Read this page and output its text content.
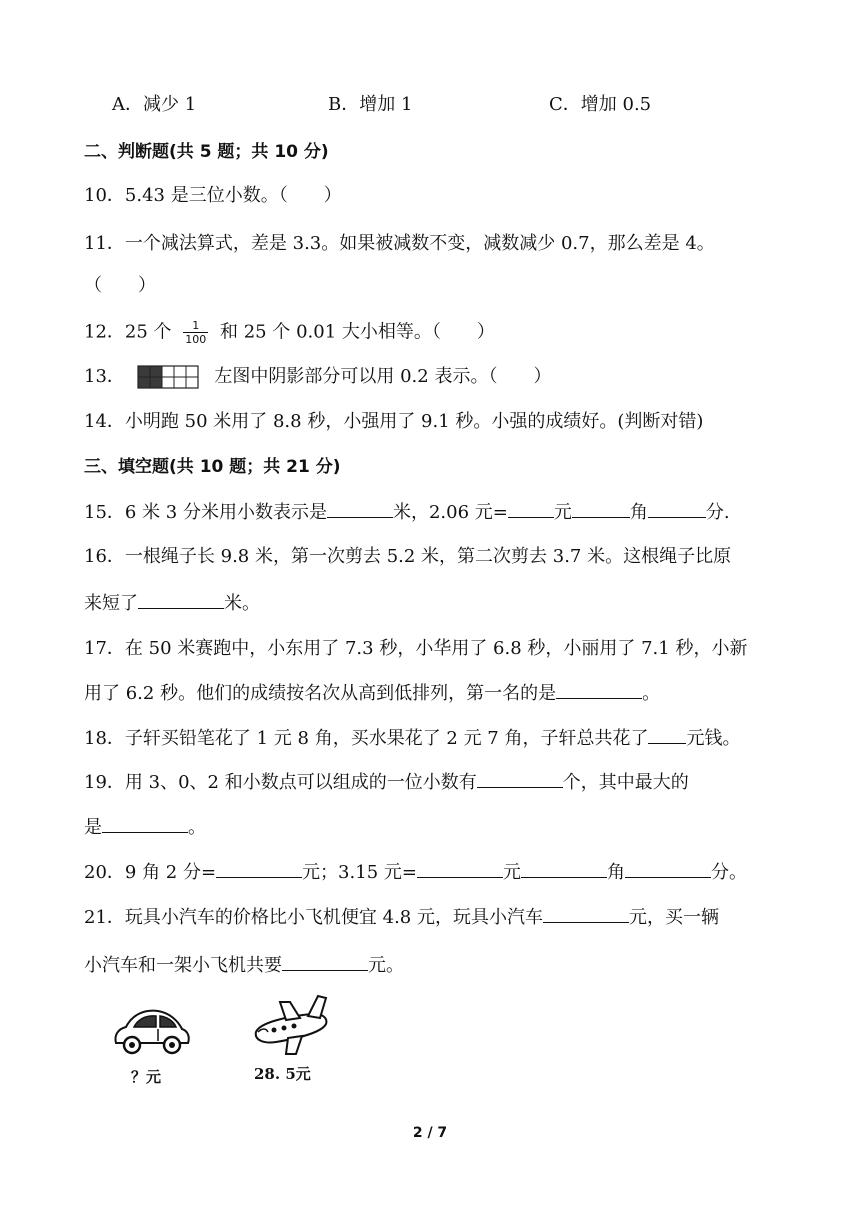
A．减少 1	B．增加 1	C．增加 0.5
二、判断题(共 5 题；共 10 分)
10．5.43 是三位小数。（　　）
11．一个减法算式，差是 3.3。如果被减数不变，减数减少 0.7，那么差是 4。
（　　）
12．25 个 $\frac{1}{100}$ 和 25 个 0.01 大小相等。（　　）
13．	左图中阴影部分可以用 0.2 表示。（　　）
14．小明跑 50 米用了 8.8 秒，小强用了 9.1 秒。小强的成绩好。(判断对错)
三、填空题(共 10 题；共 21 分)
15．6 米 3 分米用小数表示是	米，2.06 元=	元	角	分.
16．一根绳子长 9.8 米，第一次剪去 5.2 米，第二次剪去 3.7 米。这根绳子比原
来短了	米。
17．在 50 米赛跑中，小东用了 7.3 秒，小华用了 6.8 秒，小丽用了 7.1 秒，小新
用了 6.2 秒。他们的成绩按名次从高到低排列，第一名的是	。
18．子轩买铅笔花了 1 元 8 角，买水果花了 2 元 7 角，子轩总共花了 元钱。
19．用 3、0、2 和小数点可以组成的一位小数有	个，其中最大的
是	。
20．9 角 2 分=	元；3.15 元=	元	角	分。
21．玩具小汽车的价格比小飞机便宜 4.8 元，玩具小汽车	元，买一辆
小汽车和一架小飞机共要	元。
？元	28. 5元
2 / 7
